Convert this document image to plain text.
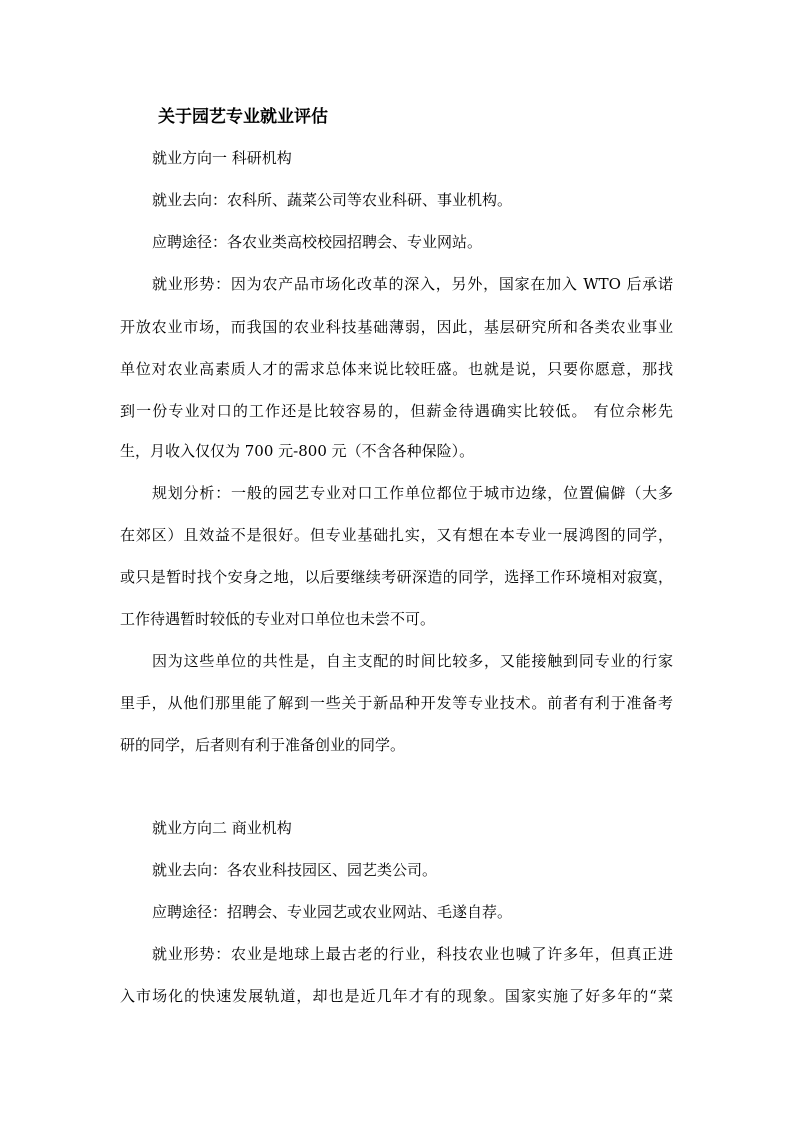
关于园艺专业就业评估
就业方向一 科研机构
就业去向：农科所、蔬菜公司等农业科研、事业机构。
应聘途径：各农业类高校校园招聘会、专业网站。
就业形势：因为农产品市场化改革的深入，另外，国家在加入 WTO 后承诺
开放农业市场，而我国的农业科技基础薄弱，因此，基层研究所和各类农业事业
单位对农业高素质人才的需求总体来说比较旺盛。也就是说，只要你愿意，那找
到一份专业对口的工作还是比较容易的，但薪金待遇确实比较低。 有位佘彬先
生，月收入仅仅为 700 元-800 元（不含各种保险）。
规划分析：一般的园艺专业对口工作单位都位于城市边缘，位置偏僻（大多
在郊区）且效益不是很好。但专业基础扎实，又有想在本专业一展鸿图的同学，
或只是暂时找个安身之地，以后要继续考研深造的同学，选择工作环境相对寂寞，
工作待遇暂时较低的专业对口单位也未尝不可。
因为这些单位的共性是，自主支配的时间比较多，又能接触到同专业的行家
里手，从他们那里能了解到一些关于新品种开发等专业技术。前者有利于准备考
研的同学，后者则有利于准备创业的同学。
就业方向二 商业机构
就业去向：各农业科技园区、园艺类公司。
应聘途径：招聘会、专业园艺或农业网站、毛遂自荐。
就业形势：农业是地球上最古老的行业，科技农业也喊了许多年，但真正进
入市场化的快速发展轨道，却也是近几年才有的现象。国家实施了好多年的“菜
